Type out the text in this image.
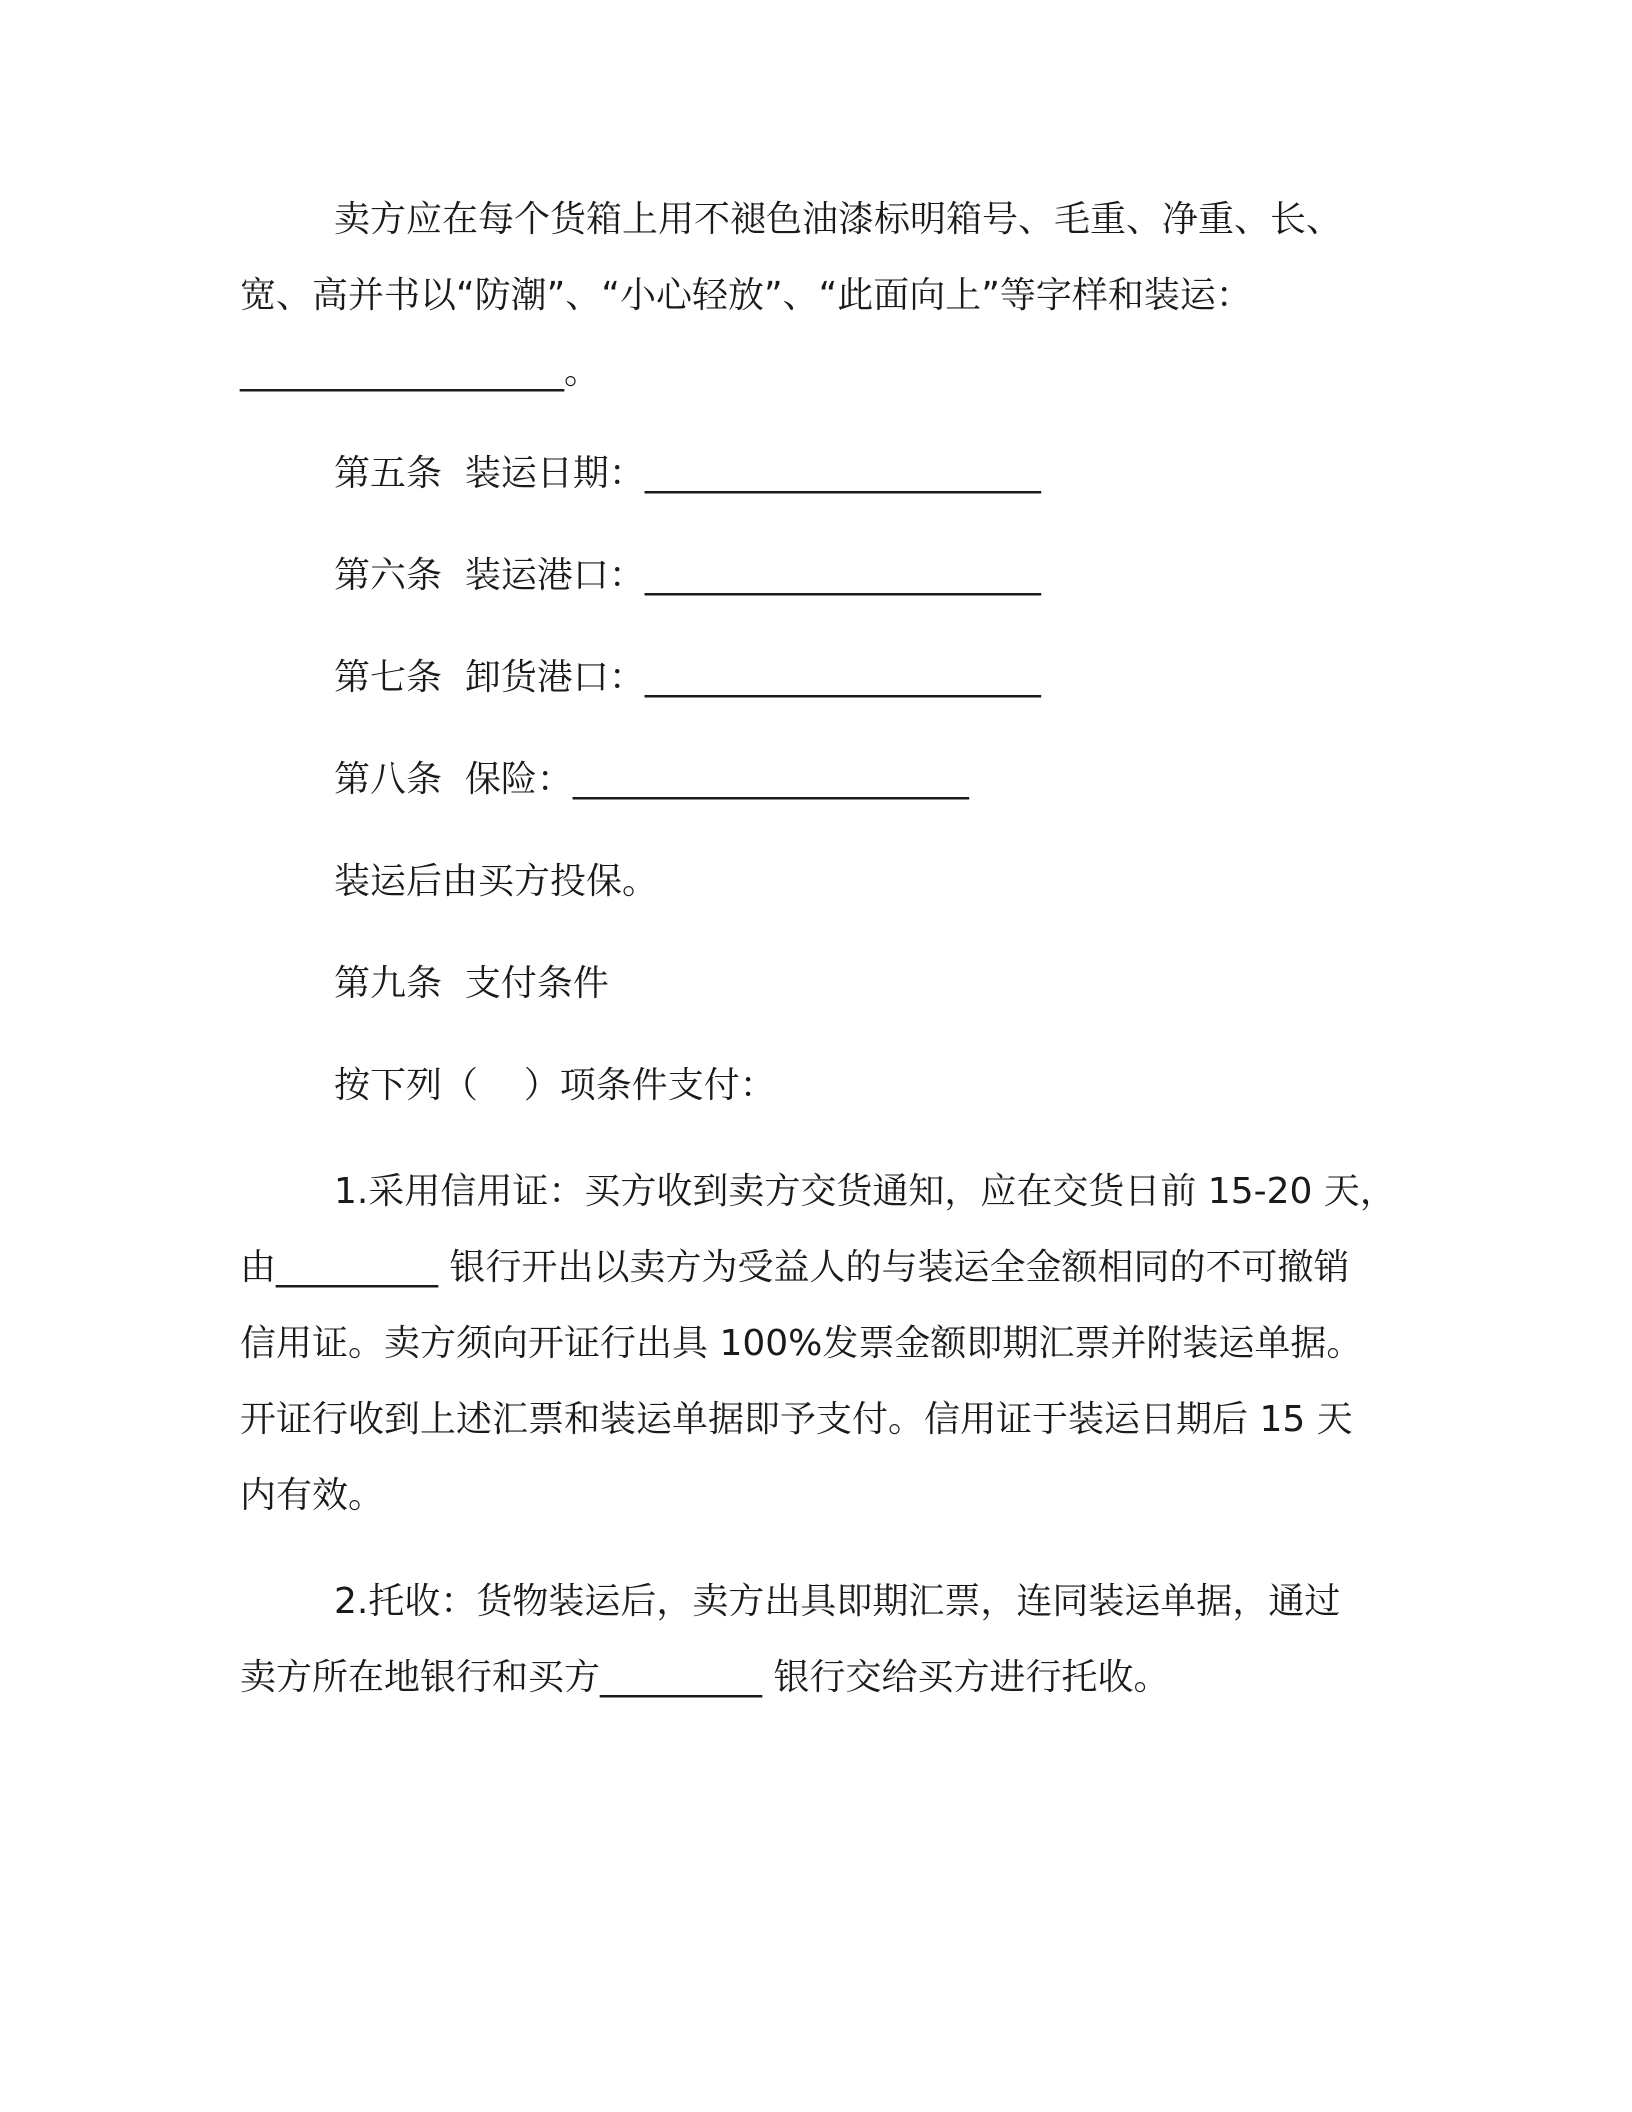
卖方应在每个货箱上用不褪色油漆标明箱号、毛重、净重、长、
宽、高并书以“防潮”、“小心轻放”、“此面向上”等字样和装运：
__________________。
第五条  装运日期：______________________
第六条  装运港口：______________________
第七条  卸货港口：______________________
第八条  保险：______________________
装运后由买方投保。
第九条  支付条件
按下列（    ）项条件支付：
1.采用信用证：买方收到卖方交货通知，应在交货日前 15-20 天，
由_________ 银行开出以卖方为受益人的与装运全金额相同的不可撤销
信用证。卖方须向开证行出具 100%发票金额即期汇票并附装运单据。
开证行收到上述汇票和装运单据即予支付。信用证于装运日期后 15 天
内有效。
2.托收：货物装运后，卖方出具即期汇票，连同装运单据，通过
卖方所在地银行和买方_________ 银行交给买方进行托收。
